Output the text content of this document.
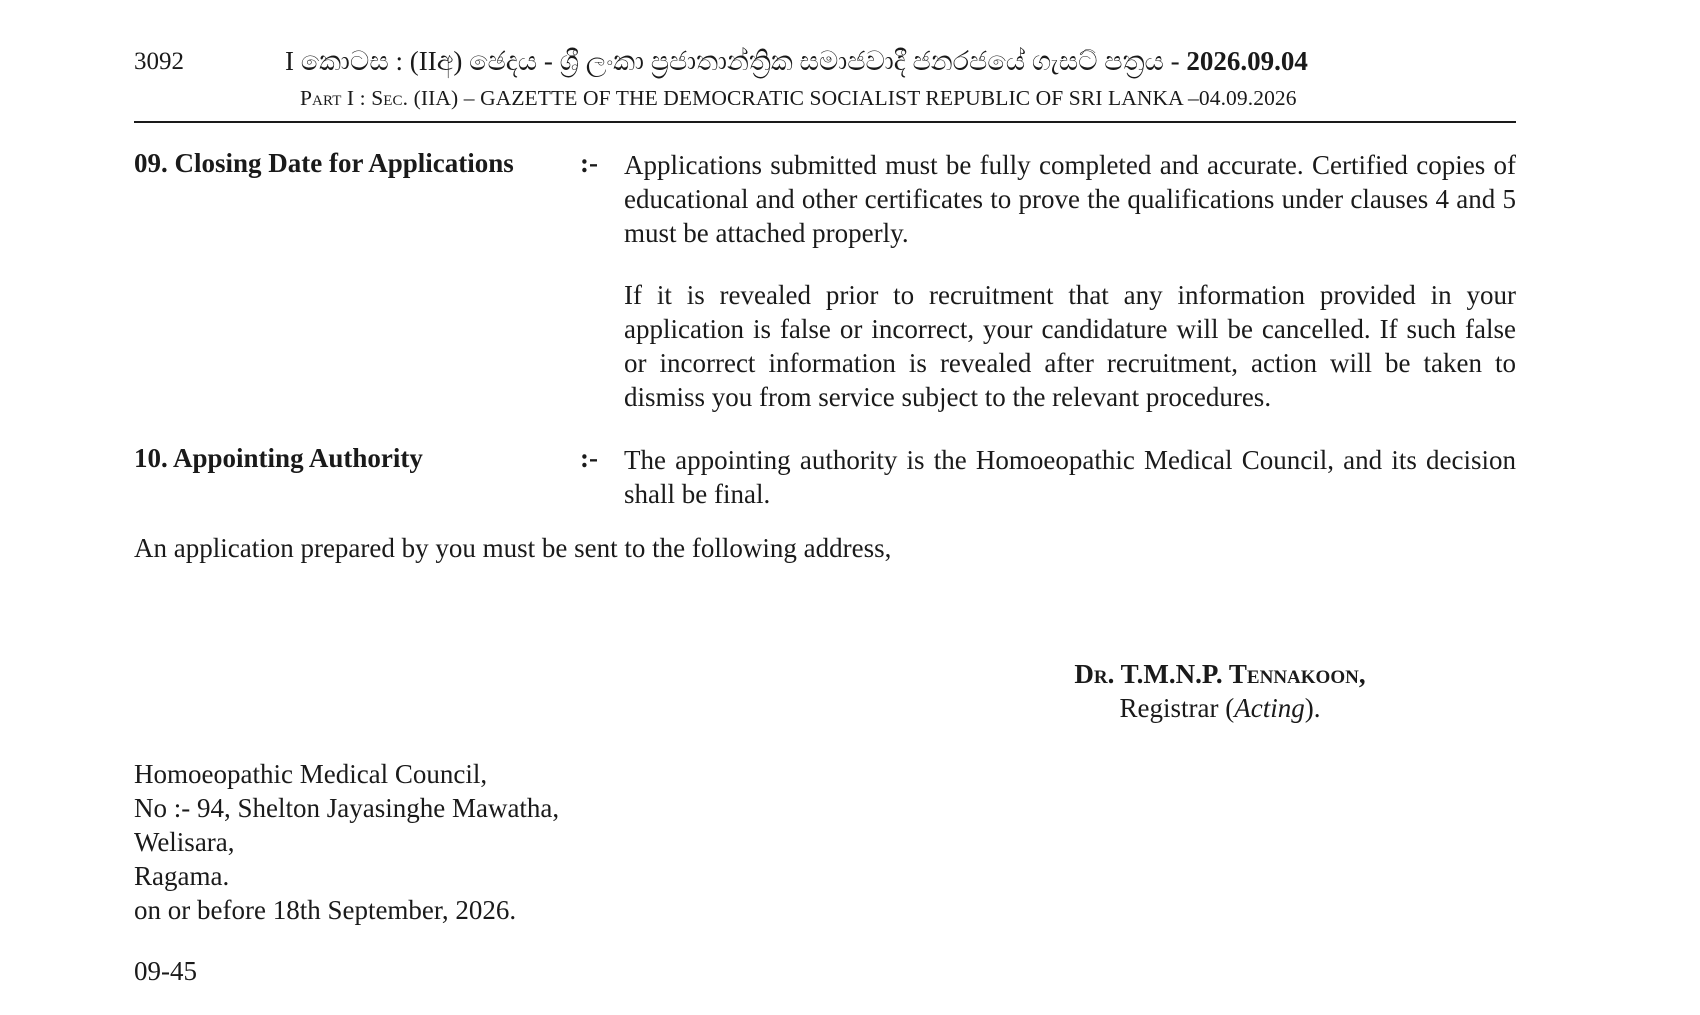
3092	I කොටස : (IIඅ) ඡෙදය - ශ්‍රී ලංකා ප්‍රජාතාන්ත්‍රික සමාජවාදී ජනරජයේ ගැසට් පත්‍රය - 2026.09.04
Part I : Sec. (IIA) – GAZETTE OF THE DEMOCRATIC SOCIALIST REPUBLIC OF SRI LANKA –04.09.2026
09. Closing Date for Applications :- Applications submitted must be fully completed and accurate. Certified copies of educational and other certificates to prove the qualifications under clauses 4 and 5 must be attached properly.

If it is revealed prior to recruitment that any information provided in your application is false or incorrect, your candidature will be cancelled. If such false or incorrect information is revealed after recruitment, action will be taken to dismiss you from service subject to the relevant procedures.

10. Appointing Authority	:- The appointing authority is the Homoeopathic Medical Council, and its decision shall be final.

An application prepared by you must be sent to the following address,
Dr. T.M.N.P. Tennakoon,
Registrar (Acting).
Homoeopathic Medical Council,
No :- 94, Shelton Jayasinghe Mawatha,
Welisara,
Ragama.
on or before 18th September, 2026.
09-45
